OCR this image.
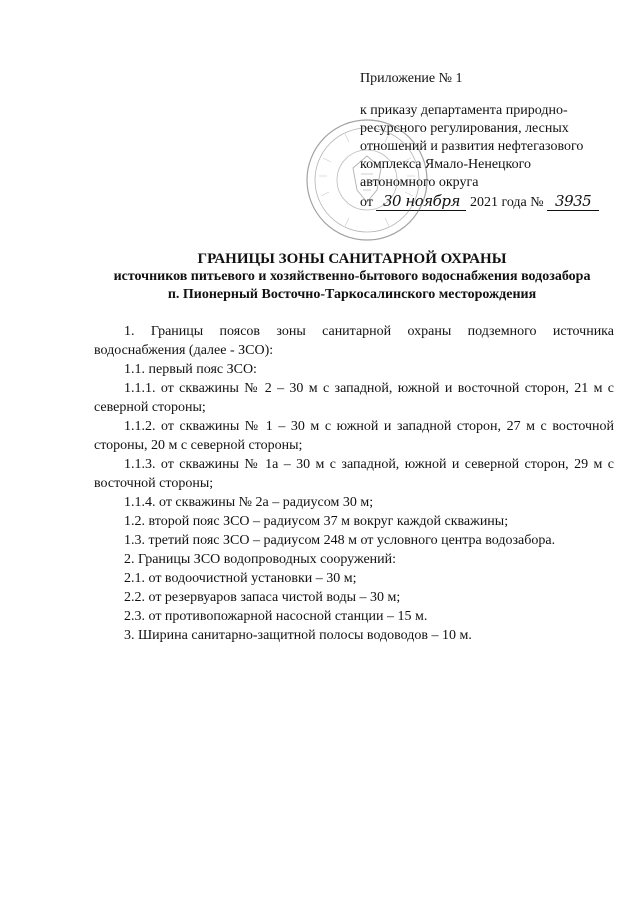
Приложение № 1

к приказу департамента природно-
ресурсного регулирования, лесных
отношений и развития нефтегазового
комплекса Ямало-Ненецкого
автономного округа
от 30 ноября 2021 года № 3935

ГРАНИЦЫ ЗОНЫ САНИТАРНОЙ ОХРАНЫ

источников питьевого и хозяйственно-бытового водоснабжения водозабора

п. Пионерный Восточно-Таркосалинского месторождения

1. Границы поясов зоны санитарной охраны подземного источника водоснабжения (далее - ЗСО):

1.1. первый пояс ЗСО:

1.1.1. от скважины № 2 – 30 м с западной, южной и восточной сторон, 21 м с северной стороны;

1.1.2. от скважины № 1 – 30 м с южной и западной сторон, 27 м с восточной стороны, 20 м с северной стороны;

1.1.3. от скважины № 1а – 30 м с западной, южной и северной сторон, 29 м с восточной стороны;

1.1.4. от скважины № 2а – радиусом 30 м;

1.2. второй пояс ЗСО – радиусом 37 м вокруг каждой скважины;

1.3. третий пояс ЗСО – радиусом 248 м от условного центра водозабора.

2. Границы ЗСО водопроводных сооружений:

2.1. от водоочистной установки – 30 м;

2.2. от резервуаров запаса чистой воды – 30 м;

2.3. от противопожарной насосной станции – 15 м.

3. Ширина санитарно-защитной полосы водоводов – 10 м.
